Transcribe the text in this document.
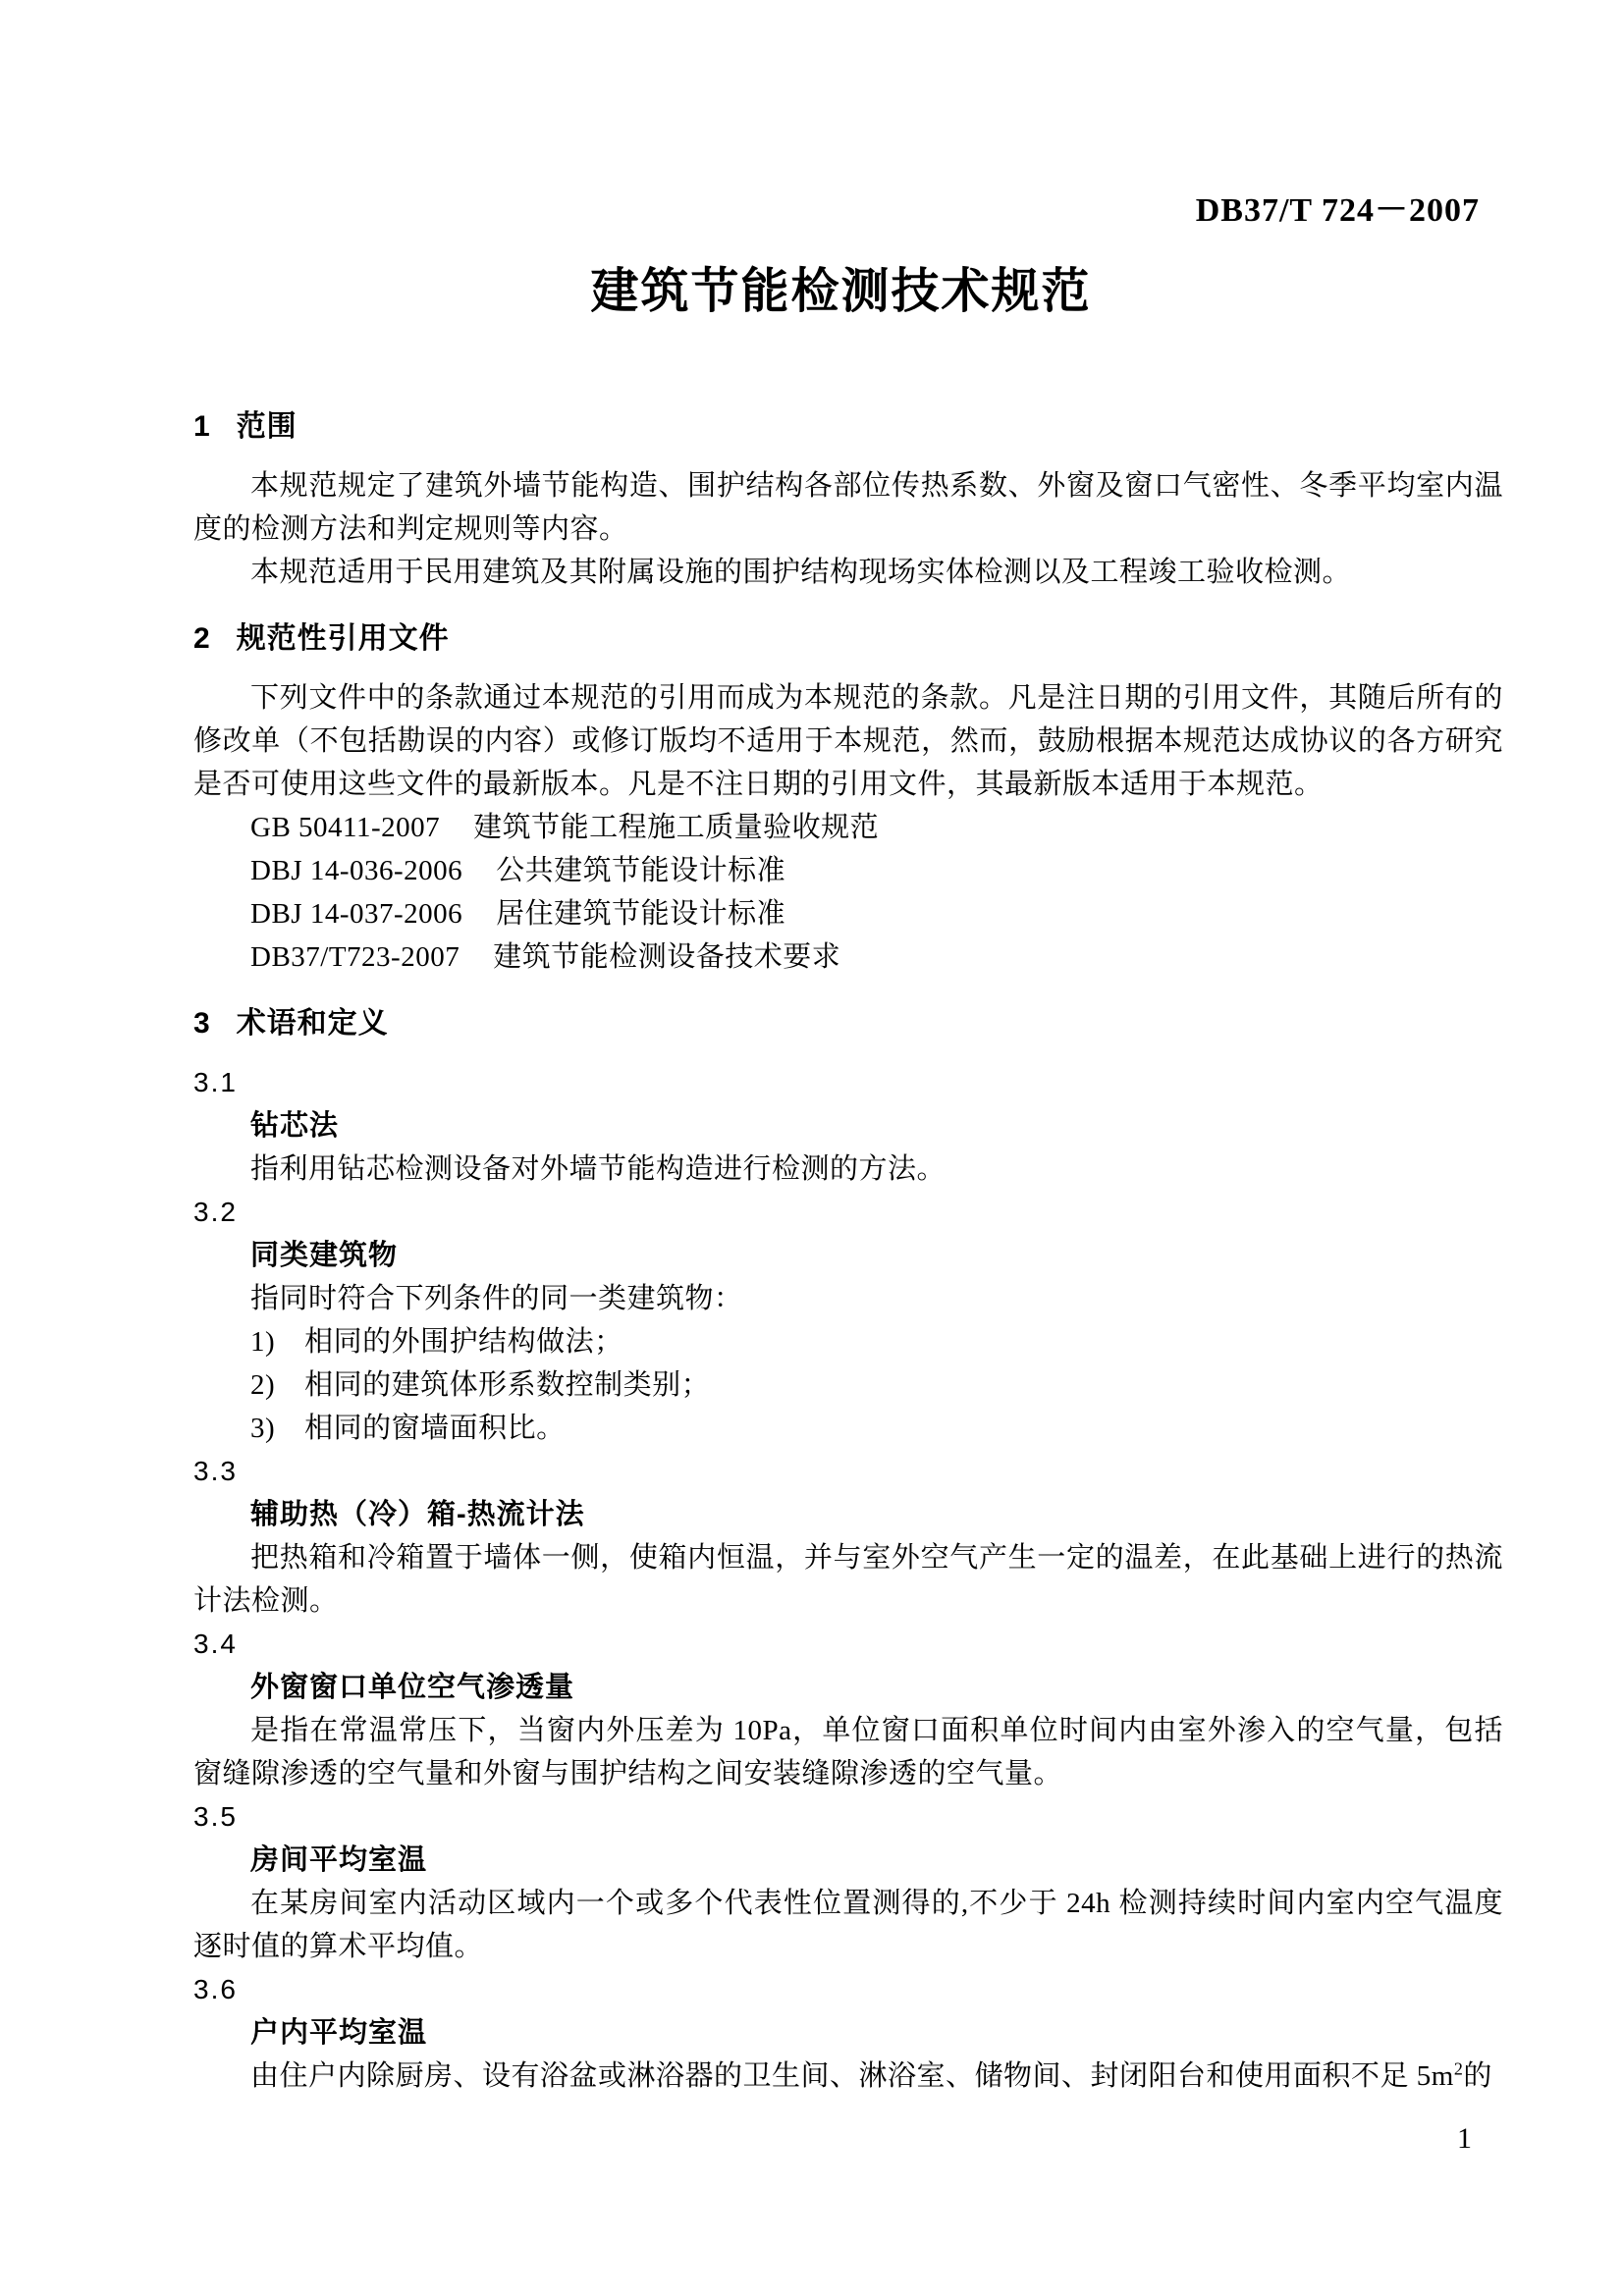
DB37/T 724－2007
建筑节能检测技术规范
1 范围

本规范规定了建筑外墙节能构造、围护结构各部位传热系数、外窗及窗口气密性、冬季平均室内温度的检测方法和判定规则等内容。

本规范适用于民用建筑及其附属设施的围护结构现场实体检测以及工程竣工验收检测。

2 规范性引用文件

下列文件中的条款通过本规范的引用而成为本规范的条款。凡是注日期的引用文件，其随后所有的修改单（不包括勘误的内容）或修订版均不适用于本规范，然而，鼓励根据本规范达成协议的各方研究是否可使用这些文件的最新版本。凡是不注日期的引用文件，其最新版本适用于本规范。

GB 50411-2007 建筑节能工程施工质量验收规范
DBJ 14-036-2006 公共建筑节能设计标准
DBJ 14-037-2006 居住建筑节能设计标准
DB37/T723-2007 建筑节能检测设备技术要求
3 术语和定义
3.1
钻芯法

指利用钻芯检测设备对外墙节能构造进行检测的方法。

3.2
同类建筑物

指同时符合下列条件的同一类建筑物：

1) 相同的外围护结构做法；
2) 相同的建筑体形系数控制类别；
3) 相同的窗墙面积比。
3.3
辅助热（冷）箱-热流计法

把热箱和冷箱置于墙体一侧，使箱内恒温，并与室外空气产生一定的温差，在此基础上进行的热流计法检测。

3.4
外窗窗口单位空气渗透量

是指在常温常压下，当窗内外压差为 10Pa，单位窗口面积单位时间内由室外渗入的空气量，包括窗缝隙渗透的空气量和外窗与围护结构之间安装缝隙渗透的空气量。

3.5
房间平均室温

在某房间室内活动区域内一个或多个代表性位置测得的,不少于 24h 检测持续时间内室内空气温度逐时值的算术平均值。

3.6
户内平均室温

由住户内除厨房、设有浴盆或淋浴器的卫生间、淋浴室、储物间、封闭阳台和使用面积不足 $5m^2$的

1
